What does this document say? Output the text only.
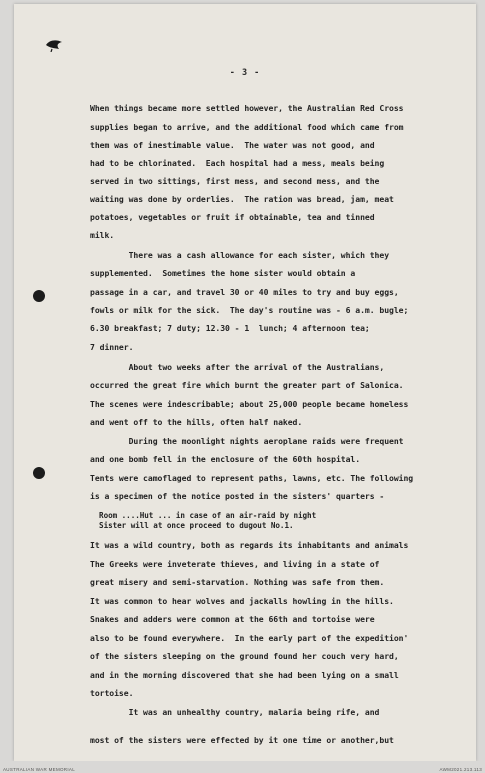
- 3 -
When things became more settled however, the Australian Red Cross
supplies began to arrive, and the additional food which came from
them was of inestimable value.  The water was not good, and
had to be chlorinated.  Each hospital had a mess, meals being
served in two sittings, first mess, and second mess, and the
waiting was done by orderlies.  The ration was bread, jam, meat
potatoes, vegetables or fruit if obtainable, tea and tinned
milk.
There was a cash allowance for each sister, which they
supplemented.  Sometimes the home sister would obtain a
passage in a car, and travel 30 or 40 miles to try and buy eggs,
fowls or milk for the sick.  The day's routine was - 6 a.m. bugle;
6.30 breakfast; 7 duty; 12.30 - 1  lunch; 4 afternoon tea;
7 dinner.
About two weeks after the arrival of the Australians,
occurred the great fire which burnt the greater part of Salonica.
The scenes were indescribable; about 25,000 people became homeless
and went off to the hills, often half naked.
During the moonlight nights aeroplane raids were frequent
and one bomb fell in the enclosure of the 60th hospital.
Tents were camoflaged to represent paths, lawns, etc. The following
is a specimen of the notice posted in the sisters' quarters -
Room ....Hut ... in case of an air-raid by night
Sister will at once proceed to dugout No.1.
It was a wild country, both as regards its inhabitants and animals
The Greeks were inveterate thieves, and living in a state of
great misery and semi-starvation. Nothing was safe from them.
It was common to hear wolves and jackalls howling in the hills.
Snakes and adders were common at the 66th and tortoise were
also to be found everywhere.  In the early part of the expedition'
of the sisters sleeping on the ground found her couch very hard,
and in the morning discovered that she had been lying on a small
tortoise.
It was an unhealthy country, malaria being rife, and
most of the sisters were effected by it one time or another,but
AUSTRALIAN WAR MEMORIAL	AWM2021.213.113
